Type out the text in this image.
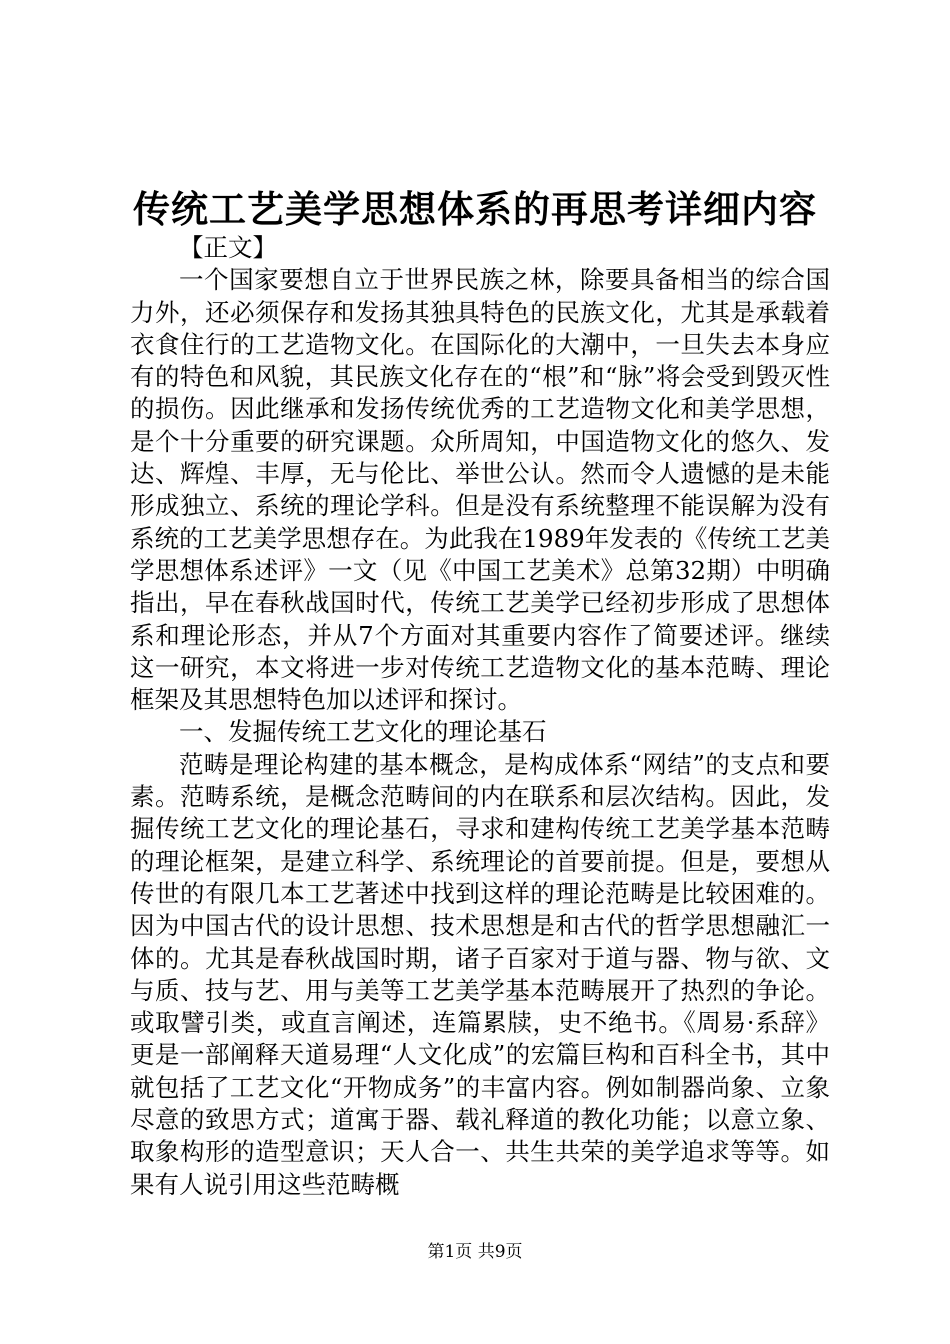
传统工艺美学思想体系的再思考详细内容

【正文】

一个国家要想自立于世界民族之林，除要具备相当的综合国力外，还必须保存和发扬其独具特色的民族文化，尤其是承载着衣食住行的工艺造物文化。在国际化的大潮中，一旦失去本身应有的特色和风貌，其民族文化存在的“根”和“脉”将会受到毁灭性的损伤。因此继承和发扬传统优秀的工艺造物文化和美学思想，是个十分重要的研究课题。众所周知，中国造物文化的悠久、发达、辉煌、丰厚，无与伦比、举世公认。然而令人遗憾的是未能形成独立、系统的理论学科。但是没有系统整理不能误解为没有系统的工艺美学思想存在。为此我在1989年发表的《传统工艺美学思想体系述评》一文（见《中国工艺美术》总第32期）中明确指出，早在春秋战国时代，传统工艺美学已经初步形成了思想体系和理论形态，并从7个方面对其重要内容作了简要述评。继续这一研究，本文将进一步对传统工艺造物文化的基本范畴、理论框架及其思想特色加以述评和探讨。

一、发掘传统工艺文化的理论基石

范畴是理论构建的基本概念，是构成体系“网结”的支点和要素。范畴系统，是概念范畴间的内在联系和层次结构。因此，发掘传统工艺文化的理论基石，寻求和建构传统工艺美学基本范畴的理论框架，是建立科学、系统理论的首要前提。但是，要想从传世的有限几本工艺著述中找到这样的理论范畴是比较困难的。因为中国古代的设计思想、技术思想是和古代的哲学思想融汇一体的。尤其是春秋战国时期，诸子百家对于道与器、物与欲、文与质、技与艺、用与美等工艺美学基本范畴展开了热烈的争论。或取譬引类，或直言阐述，连篇累牍，史不绝书。《周易·系辞》更是一部阐释天道易理“人文化成”的宏篇巨构和百科全书，其中就包括了工艺文化“开物成务”的丰富内容。例如制器尚象、立象尽意的致思方式；道寓于器、载礼释道的教化功能；以意立象、取象构形的造型意识；天人合一、共生共荣的美学追求等等。如果有人说引用这些范畴概

第1页 共9页
